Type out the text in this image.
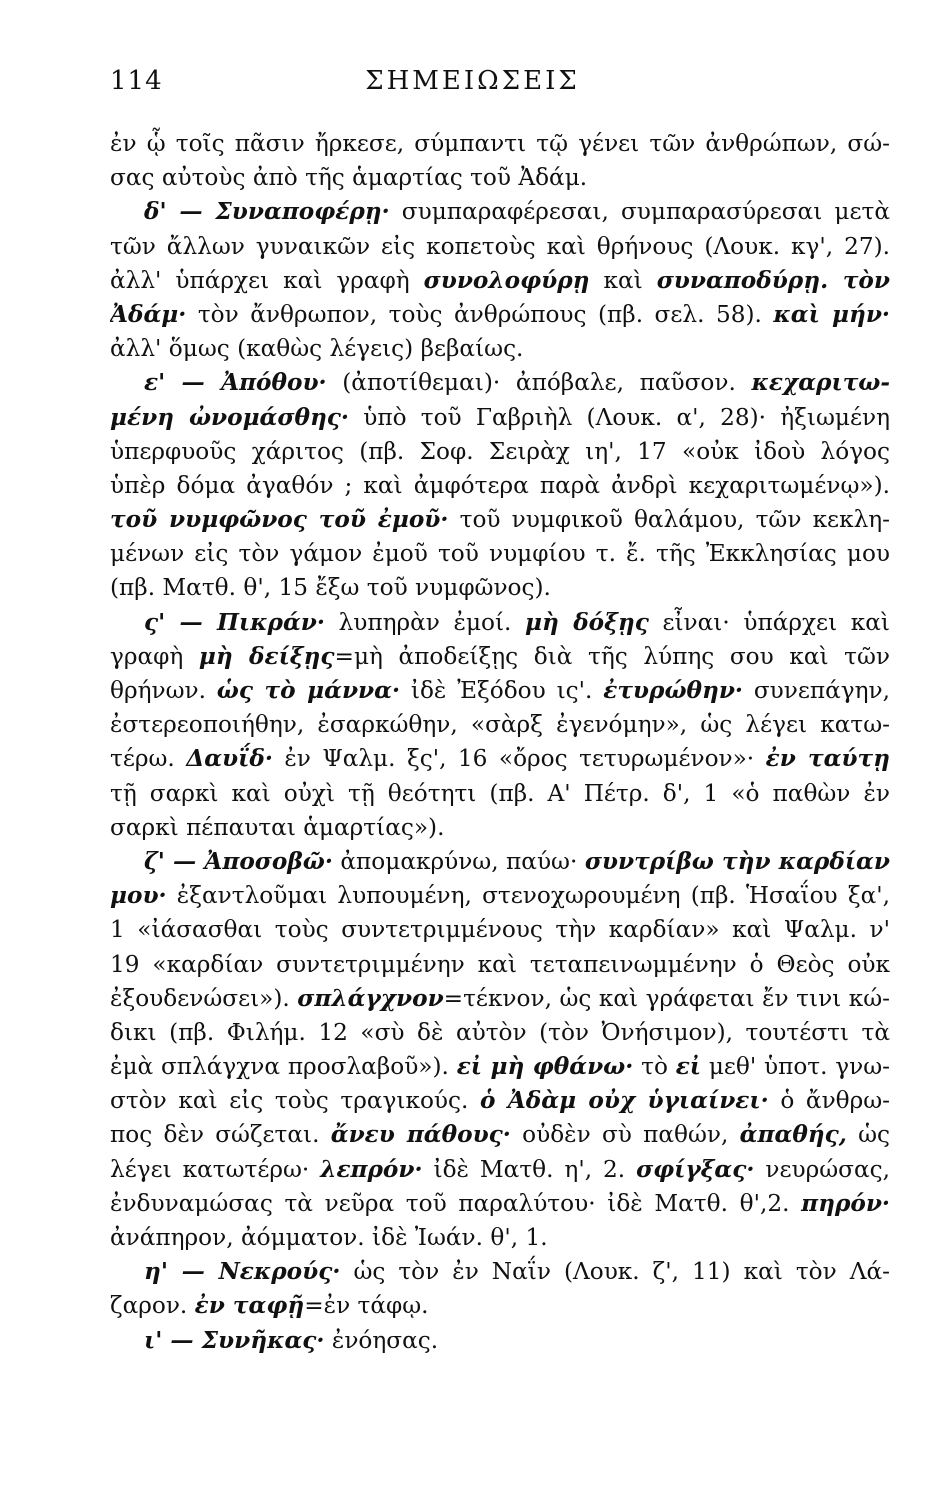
114	ΣΗΜΕΙΩΣΕΙΣ
ἐν ᾧ τοῖς πᾶσιν ἤρκεσε, σύμπαντι τῷ γένει τῶν ἀνθρώπων, σώ-
σας αὐτοὺς ἀπὸ τῆς ἁμαρτίας τοῦ Ἀδάμ.
δ' — Συναποφέρῃ· συμπαραφέρεσαι, συμπαρασύρεσαι μετὰ
τῶν ἄλλων γυναικῶν εἰς κοπετοὺς καὶ θρήνους (Λουκ. κγ', 27).
ἀλλ' ὑπάρχει καὶ γραφὴ συνολοφύρῃ καὶ συναποδύρῃ. τὸν
Ἀδάμ· τὸν ἄνθρωπον, τοὺς ἀνθρώπους (πβ. σελ. 58). καὶ μήν·
ἀλλ' ὅμως (καθὼς λέγεις) βεβαίως.
ε' — Ἀπόθου· (ἀποτίθεμαι)· ἀπόβαλε, παῦσον. κεχαριτω-
μένη ὠνομάσθης· ὑπὸ τοῦ Γαβριὴλ (Λουκ. α', 28)· ἠξιωμένη
ὑπερφυοῦς χάριτος (πβ. Σοφ. Σειρὰχ ιη', 17 «οὐκ ἰδοὺ λόγος
ὑπὲρ δόμα ἀγαθόν ; καὶ ἀμφότερα παρὰ ἀνδρὶ κεχαριτωμένῳ»).
τοῦ νυμφῶνος τοῦ ἐμοῦ· τοῦ νυμφικοῦ θαλάμου, τῶν κεκλη-
μένων εἰς τὸν γάμον ἐμοῦ τοῦ νυμφίου τ. ἔ. τῆς Ἐκκλησίας μου
(πβ. Ματθ. θ', 15 ἔξω τοῦ νυμφῶνος).
ς' — Πικράν· λυπηρὰν ἐμοί. μὴ δόξῃς εἶναι· ὑπάρχει καὶ
γραφὴ μὴ δείξῃς=μὴ ἀποδείξῃς διὰ τῆς λύπης σου καὶ τῶν
θρήνων. ὡς τὸ μάννα· ἰδὲ Ἐξόδου ις'. ἐτυρώθην· συνεπάγην,
ἐστερεοποιήθην, ἐσαρκώθην, «σὰρξ ἐγενόμην», ὡς λέγει κατω-
τέρω. Δαυΐδ· ἐν Ψαλμ. ξς', 16 «ὄρος τετυρωμένον»· ἐν ταύτῃ
τῇ σαρκὶ καὶ οὐχὶ τῇ θεότητι (πβ. Α' Πέτρ. δ', 1 «ὁ παθὼν ἐν
σαρκὶ πέπαυται ἁμαρτίας»).
ζ' — Ἀποσοβῶ· ἀπομακρύνω, παύω· συντρίβω τὴν καρδίαν
μου· ἐξαντλοῦμαι λυπουμένη, στενοχωρουμένη (πβ. Ἡσαΐου ξα',
1 «ἰάσασθαι τοὺς συντετριμμένους τὴν καρδίαν» καὶ Ψαλμ. ν'
19 «καρδίαν συντετριμμένην καὶ τεταπεινωμμένην ὁ Θεὸς οὐκ
ἐξουδενώσει»). σπλάγχνον=τέκνον, ὡς καὶ γράφεται ἔν τινι κώ-
δικι (πβ. Φιλήμ. 12 «σὺ δὲ αὐτὸν (τὸν Ὀνήσιμον), τουτέστι τὰ
ἐμὰ σπλάγχνα προσλαβοῦ»). εἰ μὴ φθάνω· τὸ εἰ μεθ' ὑποτ. γνω-
στὸν καὶ εἰς τοὺς τραγικούς. ὁ Ἀδὰμ οὐχ ὑγιαίνει· ὁ ἄνθρω-
πος δὲν σώζεται. ἄνευ πάθους· οὐδὲν σὺ παθών, ἀπαθής, ὡς
λέγει κατωτέρω· λεπρόν· ἰδὲ Ματθ. η', 2. σφίγξας· νευρώσας,
ἐνδυναμώσας τὰ νεῦρα τοῦ παραλύτου· ἰδὲ Ματθ. θ',2. πηρόν·
ἀνάπηρον, ἀόμματον. ἰδὲ Ἰωάν. θ', 1.
η' — Νεκρούς· ὡς τὸν ἐν Ναΐν (Λουκ. ζ', 11) καὶ τὸν Λά-
ζαρον. ἐν ταφῇ=ἐν τάφῳ.
ι' — Συνῆκας· ἐνόησας.
